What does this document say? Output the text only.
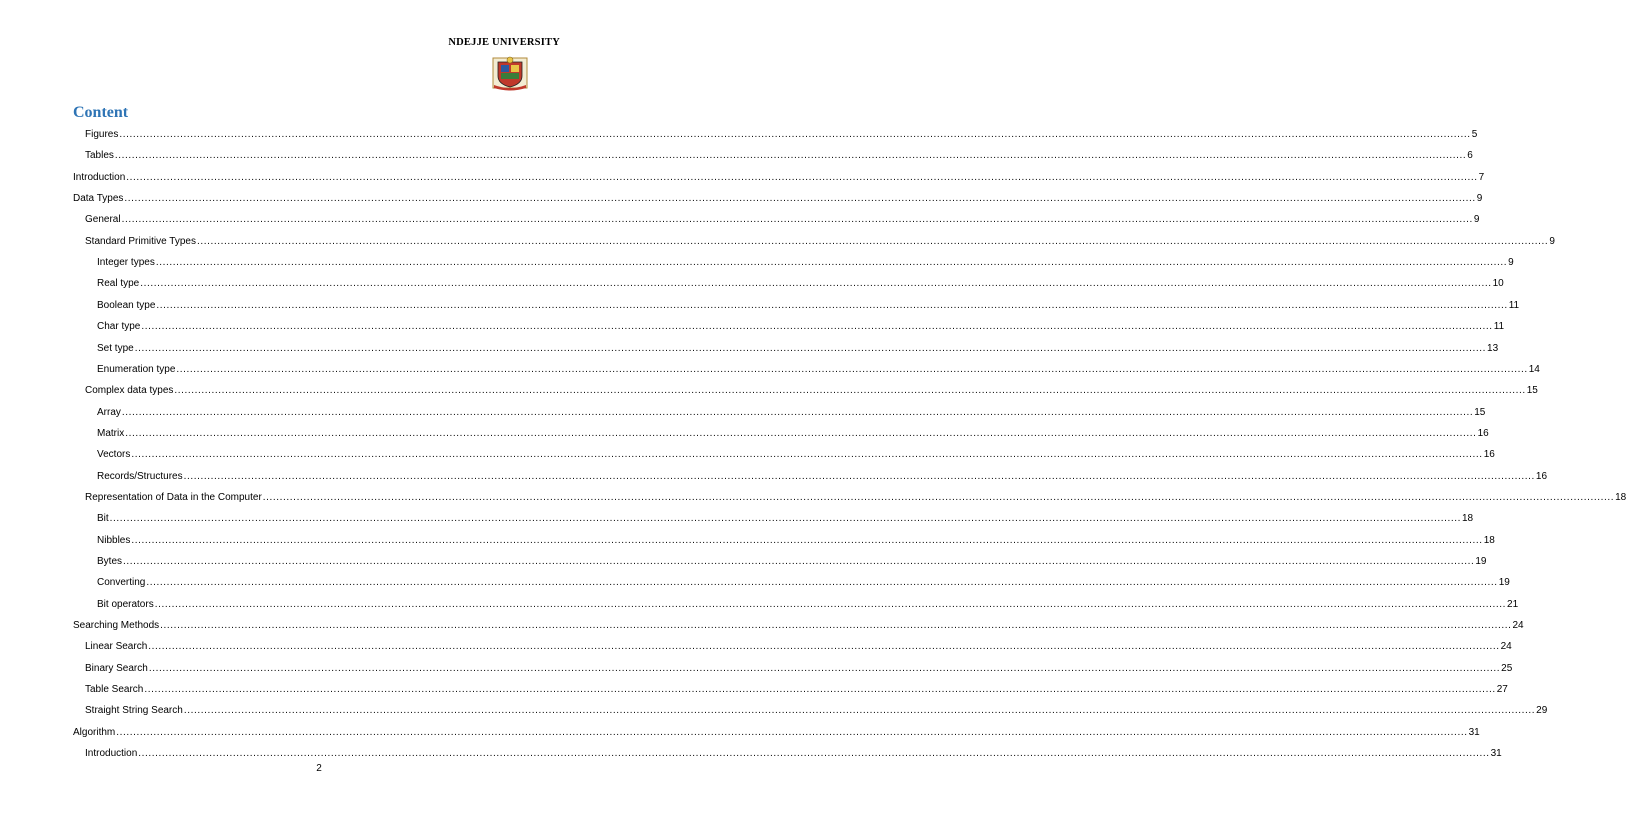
NDEJJE UNIVERSITY
Content
Figures ................................................................................................................................................................................................................................................................................................................................................................................................................ 5
Tables ................................................................................................................................................................................................................................................................................................................................................................................................................ 6
Introduction ................................................................................................................................................................................................................................................................................................................................................................................................................ 7
Data Types ................................................................................................................................................................................................................................................................................................................................................................................................................ 9
General ................................................................................................................................................................................................................................................................................................................................................................................................................ 9
Standard Primitive Types ................................................................................................................................................................................................................................................................................................................................................................................................................ 9
Integer types ................................................................................................................................................................................................................................................................................................................................................................................................................ 9
Real type ................................................................................................................................................................................................................................................................................................................................................................................................................ 10
Boolean type ................................................................................................................................................................................................................................................................................................................................................................................................................ 11
Char type ................................................................................................................................................................................................................................................................................................................................................................................................................ 11
Set type ................................................................................................................................................................................................................................................................................................................................................................................................................ 13
Enumeration type ................................................................................................................................................................................................................................................................................................................................................................................................................ 14
Complex data types ................................................................................................................................................................................................................................................................................................................................................................................................................ 15
Array ................................................................................................................................................................................................................................................................................................................................................................................................................ 15
Matrix ................................................................................................................................................................................................................................................................................................................................................................................................................ 16
Vectors ................................................................................................................................................................................................................................................................................................................................................................................................................ 16
Records/Structures ................................................................................................................................................................................................................................................................................................................................................................................................................ 16
Representation of Data in the Computer ................................................................................................................................................................................................................................................................................................................................................................................................................ 18
Bit ................................................................................................................................................................................................................................................................................................................................................................................................................ 18
Nibbles ................................................................................................................................................................................................................................................................................................................................................................................................................ 18
Bytes ................................................................................................................................................................................................................................................................................................................................................................................................................ 19
Converting ................................................................................................................................................................................................................................................................................................................................................................................................................ 19
Bit operators ................................................................................................................................................................................................................................................................................................................................................................................................................ 21
Searching Methods ................................................................................................................................................................................................................................................................................................................................................................................................................ 24
Linear Search ................................................................................................................................................................................................................................................................................................................................................................................................................ 24
Binary Search ................................................................................................................................................................................................................................................................................................................................................................................................................ 25
Table Search ................................................................................................................................................................................................................................................................................................................................................................................................................ 27
Straight String Search ................................................................................................................................................................................................................................................................................................................................................................................................................ 29
Algorithm ................................................................................................................................................................................................................................................................................................................................................................................................................ 31
Introduction ................................................................................................................................................................................................................................................................................................................................................................................................................ 31
2
